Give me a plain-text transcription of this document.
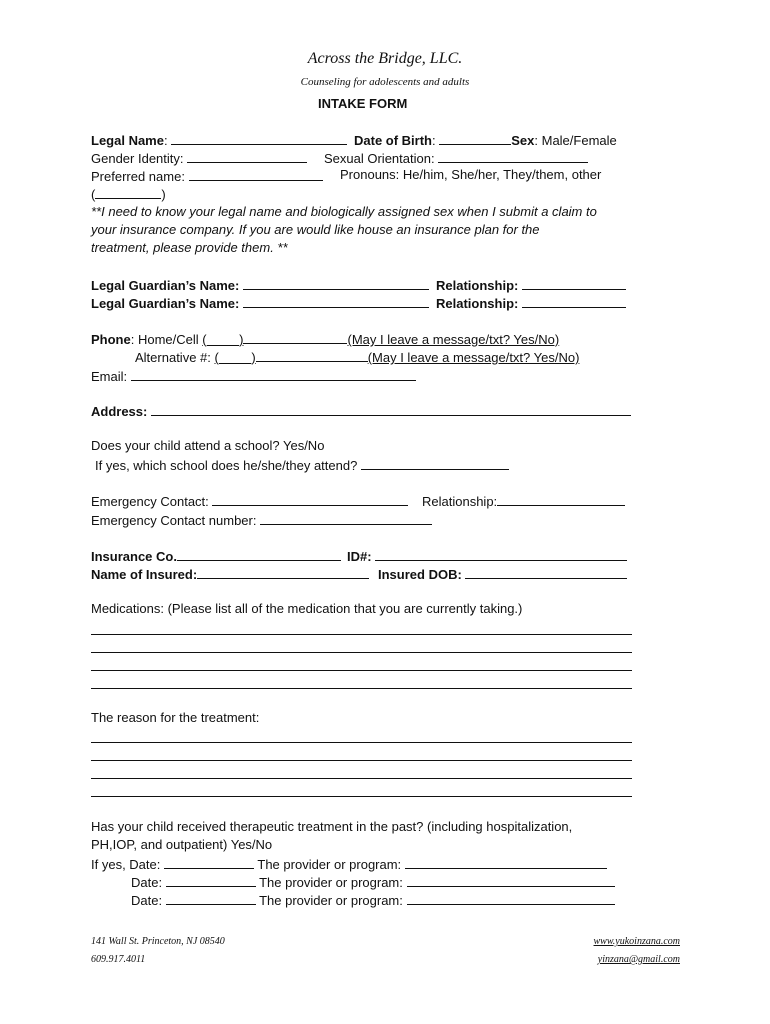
Across the Bridge, LLC.
Counseling for adolescents and adults
INTAKE FORM
Legal Name:	Date of Birth:	Sex: Male/Female
Gender Identity:	Sexual Orientation:
Preferred name:	Pronouns: He/him, She/her, They/them, other
(	)
**I need to know your legal name and biologically assigned sex when I submit a claim to
your insurance company. If you are would like house an insurance plan for the
treatment, please provide them. **
Legal Guardian’s Name:	Relationship:
Legal Guardian’s Name:	Relationship:
Phone: Home/Cell (	)	(May I leave a message/txt? Yes/No)
Alternative #: (	)	(May I leave a message/txt? Yes/No)
Email:
Address:
Does your child attend a school? Yes/No
If yes, which school does he/she/they attend?
Emergency Contact:	Relationship:
Emergency Contact number:
Insurance Co.	ID#:
Name of Insured:	Insured DOB:
Medications: (Please list all of the medication that you are currently taking.)
The reason for the treatment:
Has your child received therapeutic treatment in the past? (including hospitalization,
PH,IOP, and outpatient) Yes/No
If yes, Date:	The provider or program:
Date:	The provider or program:
Date:	The provider or program:
141 Wall St. Princeton, NJ 08540
609.917.4011
www.yukoinzana.com
yinzana@gmail.com
